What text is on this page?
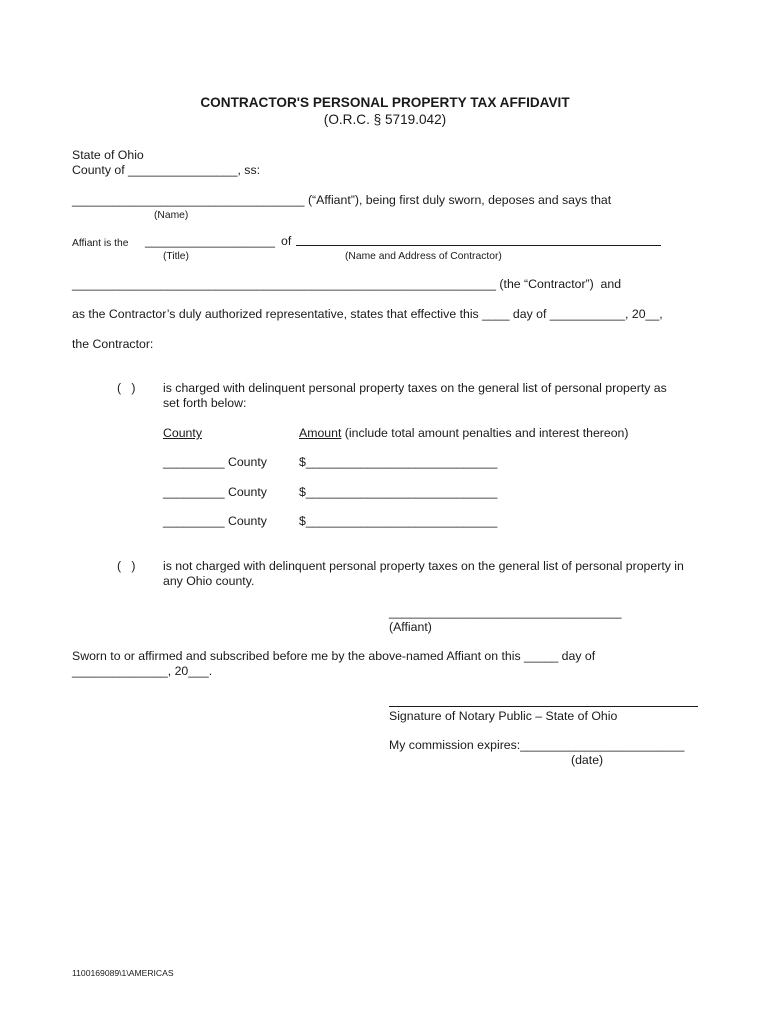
CONTRACTOR'S PERSONAL PROPERTY TAX AFFIDAVIT
(O.R.C. § 5719.042)
State of Ohio
County of ________________, ss:
__________________________________ (“Affiant”), being first duly sworn, deposes and says that
(Name)
Affiant is the ___________________ of
(Title)	(Name and Address of Contractor)
______________________________________________________________ (the “Contractor”)  and
as the Contractor’s duly authorized representative, states that effective this ____ day of ___________, 20__,
the Contractor:
(   ) is charged with delinquent personal property taxes on the general list of personal property as
set forth below:
County	Amount (include total amount penalties and interest thereon)
_________ County	$____________________________
_________ County	$____________________________
_________ County	$____________________________
(   ) is not charged with delinquent personal property taxes on the general list of personal property in
any Ohio county.
__________________________________
(Affiant)
Sworn to or affirmed and subscribed before me by the above-named Affiant on this _____ day of
______________, 20___.
Signature of Notary Public – State of Ohio
My commission expires:________________________
(date)
1100169089\1\AMERICAS
